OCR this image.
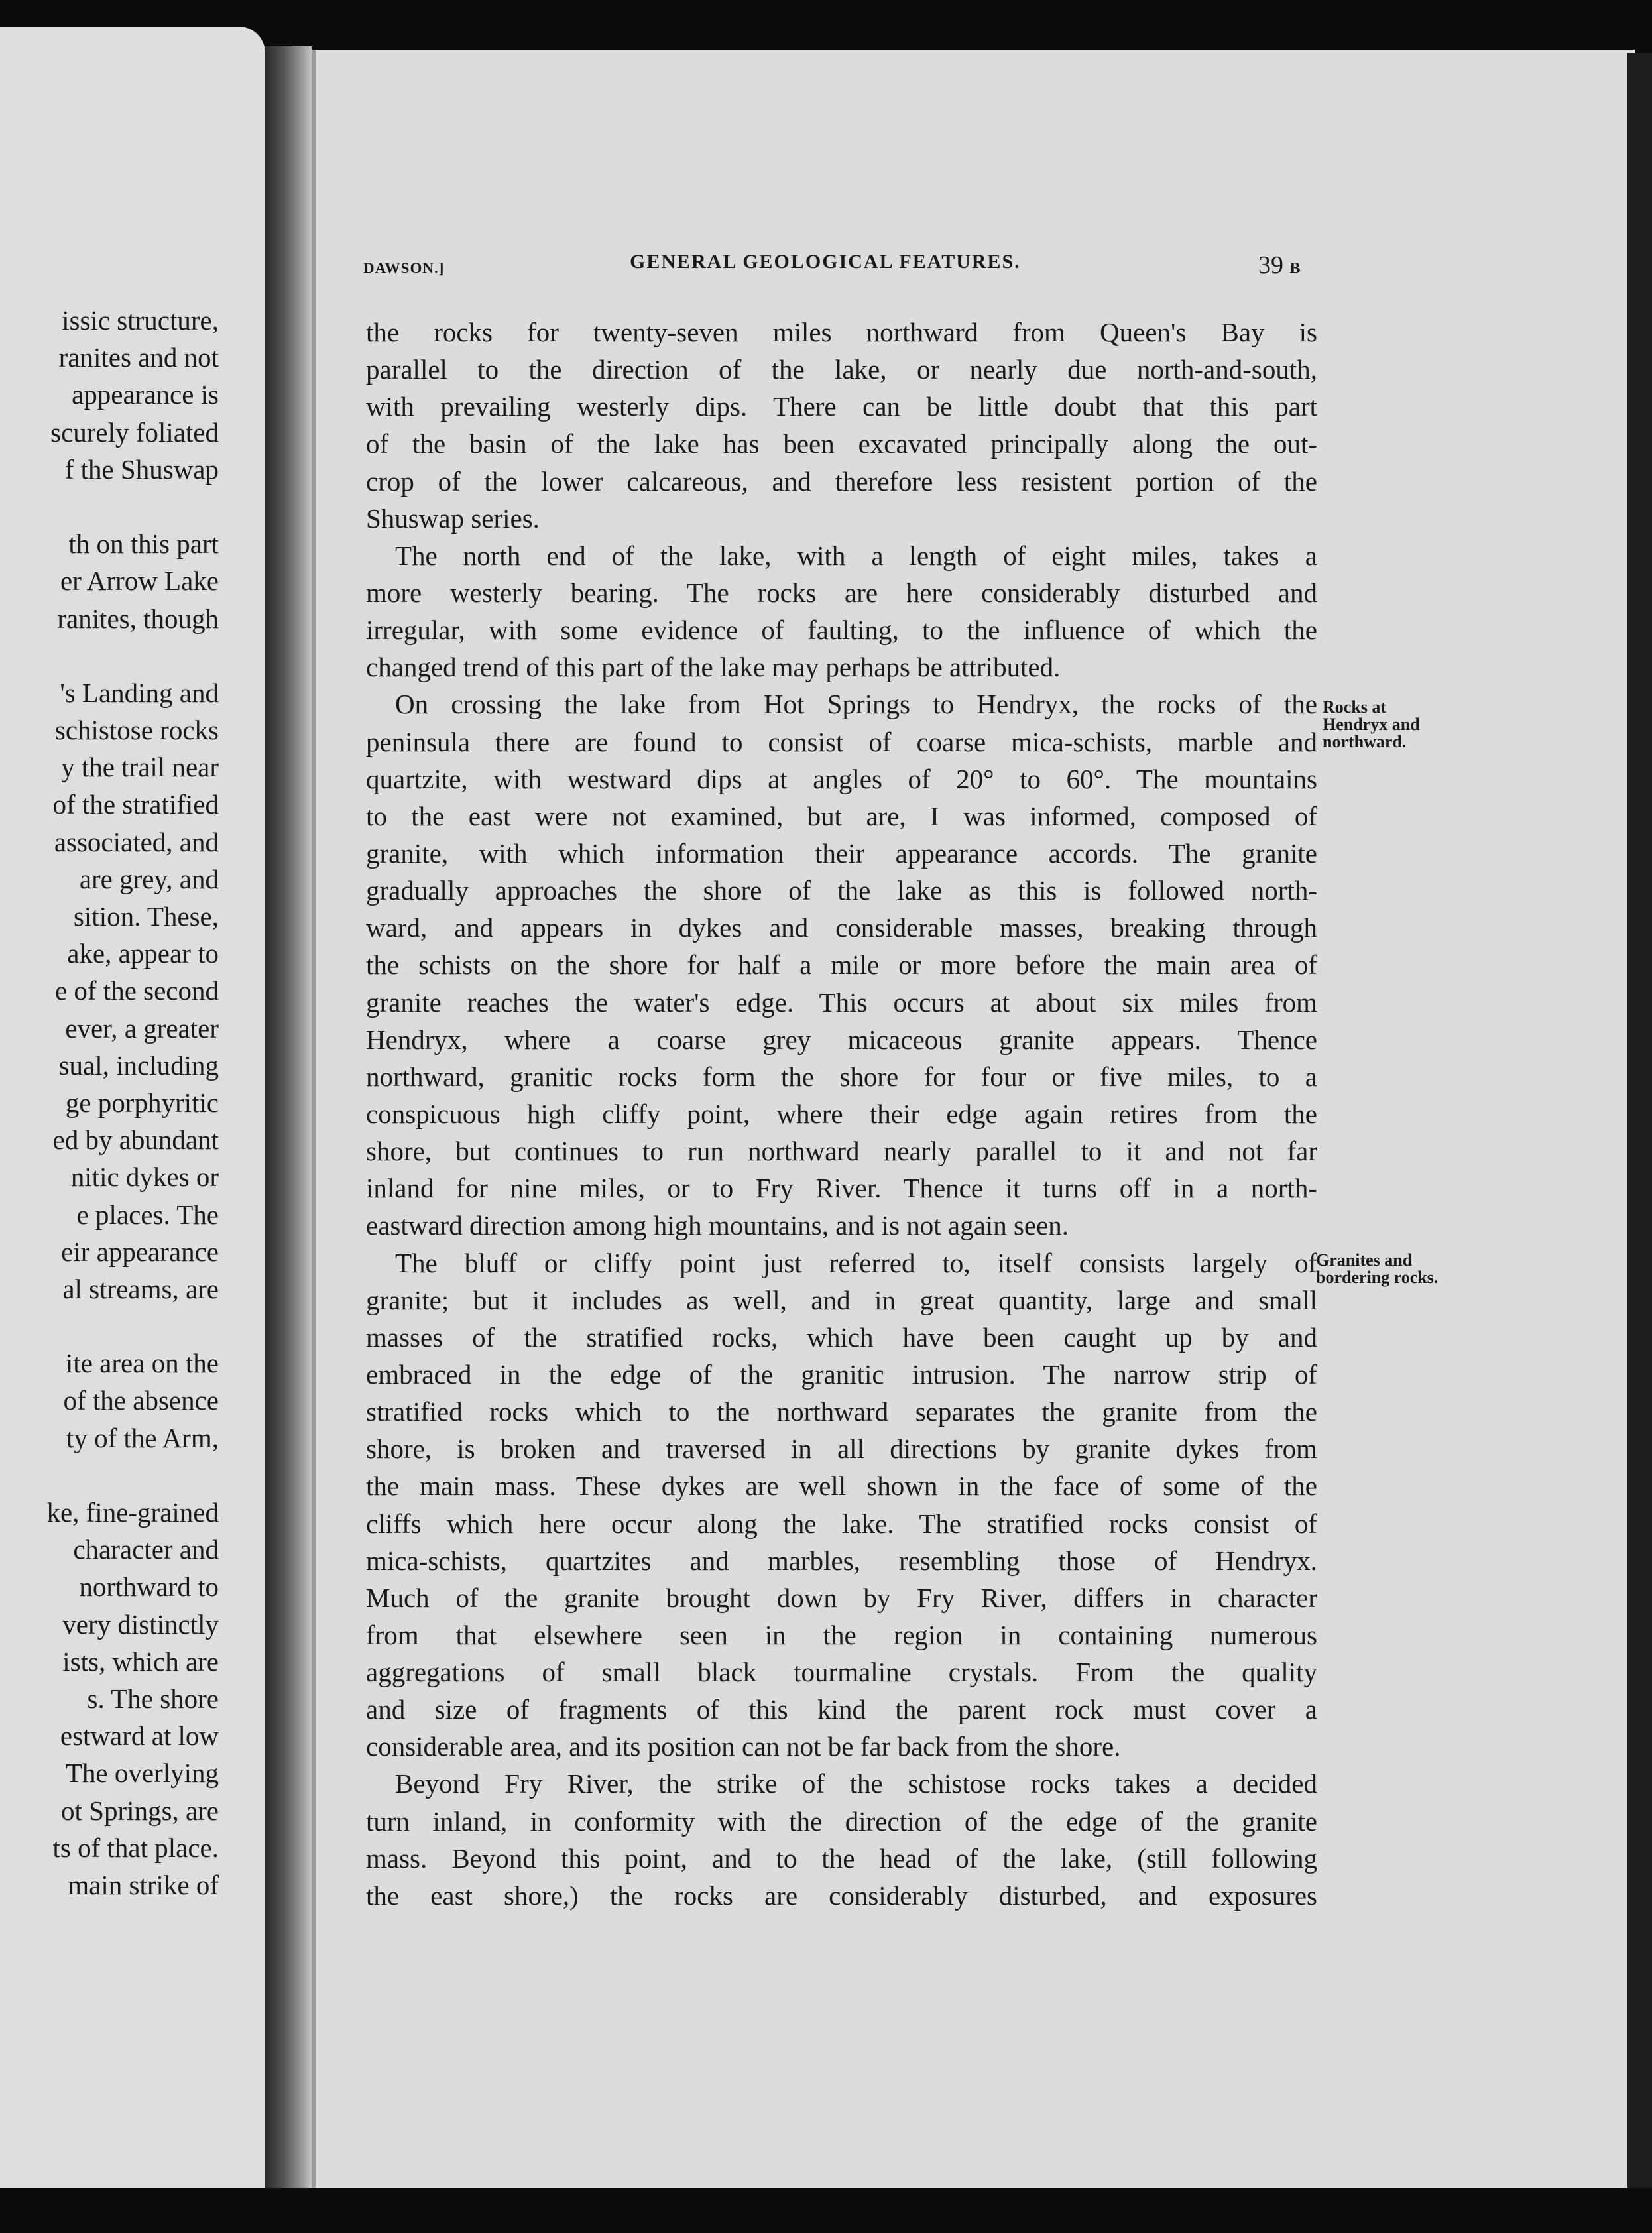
issic structure,
ranites and not
appearance is
scurely foliated
f the Shuswap
th on this part
er Arrow Lake
ranites, though
's Landing and
schistose rocks
y the trail near
of the stratified
associated, and
are grey, and
sition. These,
ake, appear to
e of the second
ever, a greater
sual, including
ge porphyritic
ed by abundant
nitic dykes or
e places. The
eir appearance
al streams, are
ite area on the
of the absence
ty of the Arm,
ke, fine-grained
character and
northward to
very distinctly
ists, which are
s. The shore
estward at low
The overlying
ot Springs, are
ts of that place.
main strike of
DAWSON.]	GENERAL GEOLOGICAL FEATURES.	39 B
the rocks for twenty-seven miles northward from Queen's Bay is
parallel to the direction of the lake, or nearly due north-and-south,
with prevailing westerly dips. There can be little doubt that this part
of the basin of the lake has been excavated principally along the out-
crop of the lower calcareous, and therefore less resistent portion of the
Shuswap series.
The north end of the lake, with a length of eight miles, takes a
more westerly bearing. The rocks are here considerably disturbed and
irregular, with some evidence of faulting, to the influence of which the
changed trend of this part of the lake may perhaps be attributed.
On crossing the lake from Hot Springs to Hendryx, the rocks of the
peninsula there are found to consist of coarse mica-schists, marble and
quartzite, with westward dips at angles of 20° to 60°. The mountains
to the east were not examined, but are, I was informed, composed of
granite, with which information their appearance accords. The granite
gradually approaches the shore of the lake as this is followed north-
ward, and appears in dykes and considerable masses, breaking through
the schists on the shore for half a mile or more before the main area of
granite reaches the water's edge. This occurs at about six miles from
Hendryx, where a coarse grey micaceous granite appears. Thence
northward, granitic rocks form the shore for four or five miles, to a
conspicuous high cliffy point, where their edge again retires from the
shore, but continues to run northward nearly parallel to it and not far
inland for nine miles, or to Fry River. Thence it turns off in a north-
eastward direction among high mountains, and is not again seen.
The bluff or cliffy point just referred to, itself consists largely of
granite; but it includes as well, and in great quantity, large and small
masses of the stratified rocks, which have been caught up by and
embraced in the edge of the granitic intrusion. The narrow strip of
stratified rocks which to the northward separates the granite from the
shore, is broken and traversed in all directions by granite dykes from
the main mass. These dykes are well shown in the face of some of the
cliffs which here occur along the lake. The stratified rocks consist of
mica-schists, quartzites and marbles, resembling those of Hendryx.
Much of the granite brought down by Fry River, differs in character
from that elsewhere seen in the region in containing numerous
aggregations of small black tourmaline crystals. From the quality
and size of fragments of this kind the parent rock must cover a
considerable area, and its position can not be far back from the shore.
Beyond Fry River, the strike of the schistose rocks takes a decided
turn inland, in conformity with the direction of the edge of the granite
mass. Beyond this point, and to the head of the lake, (still following
the east shore,) the rocks are considerably disturbed, and exposures
Rocks at
Hendryx and
northward.
Granites and
bordering rocks.
